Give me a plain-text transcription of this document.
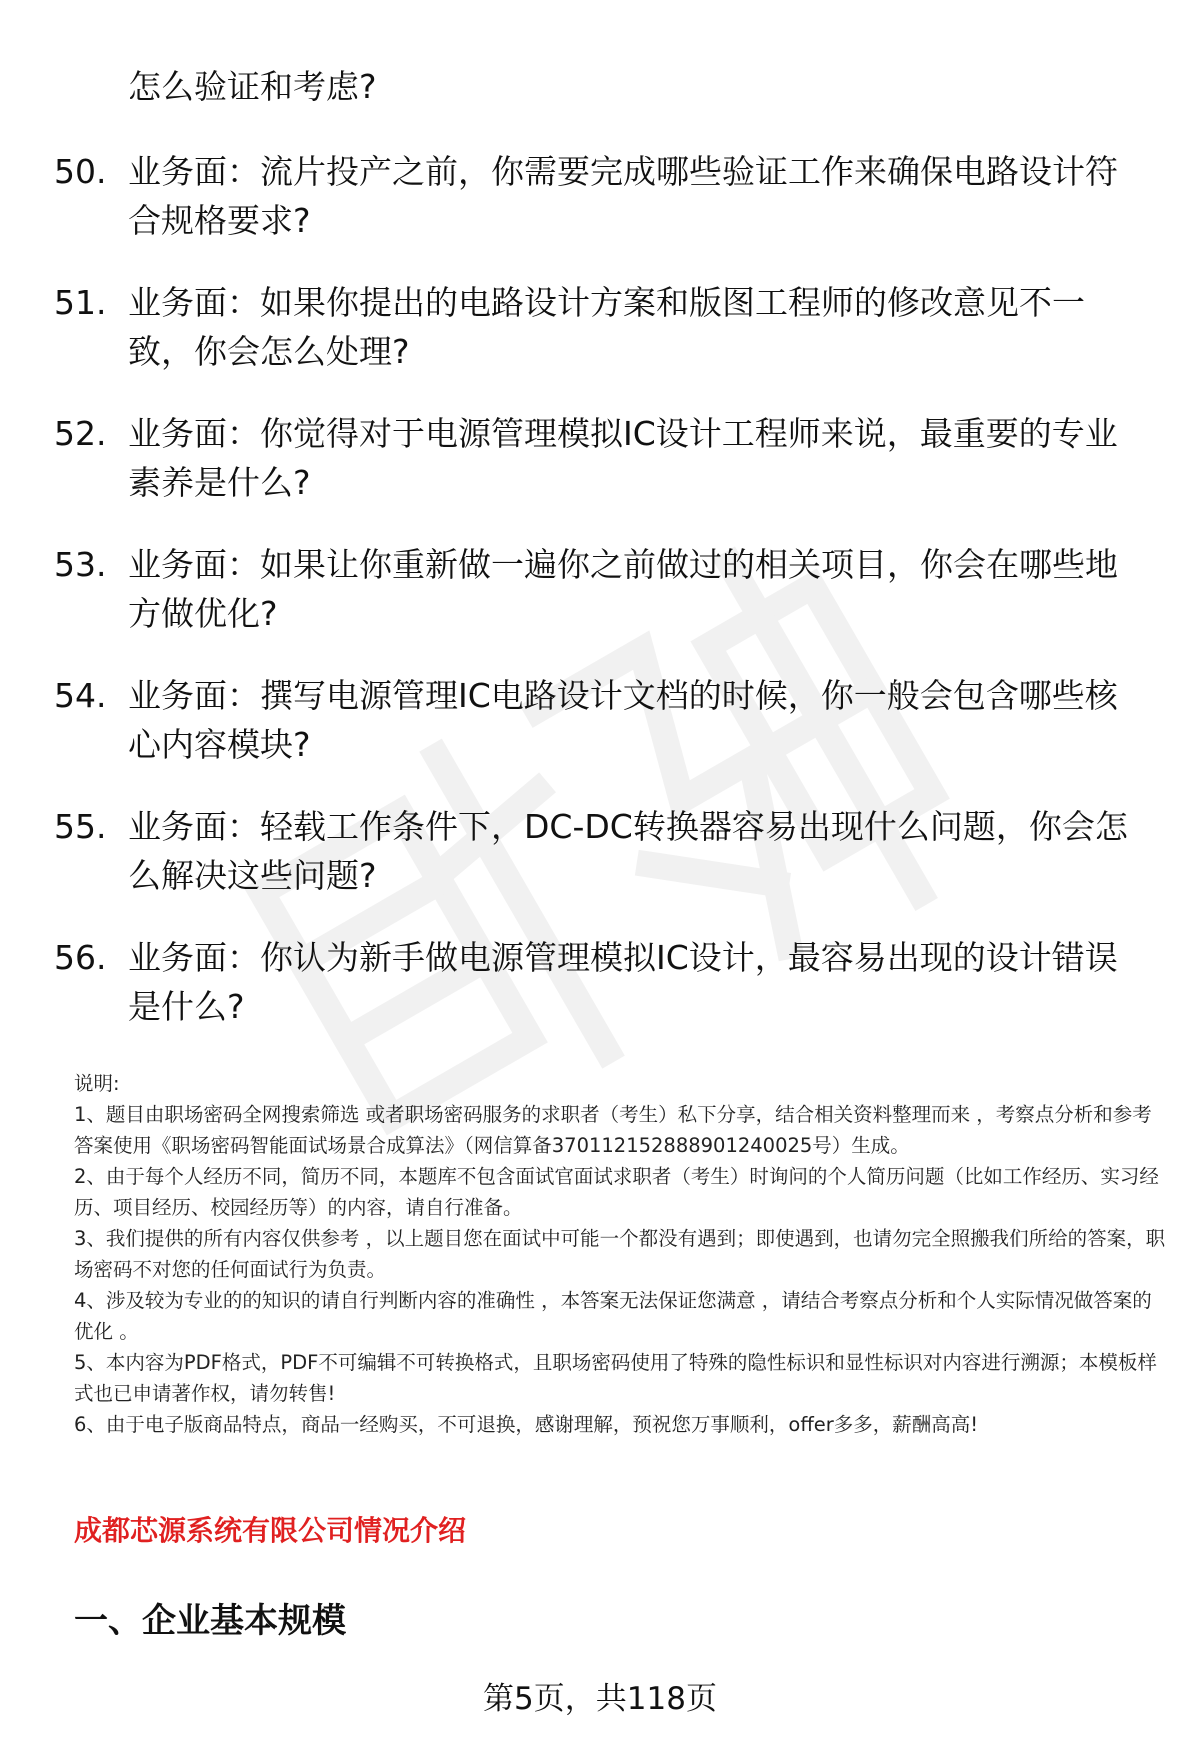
怎么验证和考虑?
50. 业务面：流片投产之前，你需要完成哪些验证工作来确保电路设计符合规格要求?
51. 业务面：如果你提出的电路设计方案和版图工程师的修改意见不一致，你会怎么处理?
52. 业务面：你觉得对于电源管理模拟IC设计工程师来说，最重要的专业素养是什么?
53. 业务面：如果让你重新做一遍你之前做过的相关项目，你会在哪些地方做优化?
54. 业务面：撰写电源管理IC电路设计文档的时候，你一般会包含哪些核心内容模块?
55. 业务面：轻载工作条件下，DC-DC转换器容易出现什么问题，你会怎么解决这些问题?
56. 业务面：你认为新手做电源管理模拟IC设计，最容易出现的设计错误是什么?

说明:

1、题目由职场密码全网搜索筛选 或者职场密码服务的求职者（考生）私下分享，结合相关资料整理而来 ，考察点分析和参考答案使用《职场密码智能面试场景合成算法》（网信算备370112152888901240025号）生成。

2、由于每个人经历不同，简历不同，本题库不包含面试官面试求职者（考生）时询问的个人简历问题（比如工作经历、实习经历、项目经历、校园经历等）的内容，请自行准备。

3、我们提供的所有内容仅供参考 ，以上题目您在面试中可能一个都没有遇到；即使遇到，也请勿完全照搬我们所给的答案，职场密码不对您的任何面试行为负责。

4、涉及较为专业的的知识的请自行判断内容的准确性 ，本答案无法保证您满意 ，请结合考察点分析和个人实际情况做答案的优化 。

5、本内容为PDF格式，PDF不可编辑不可转换格式，且职场密码使用了特殊的隐性标识和显性标识对内容进行溯源；本模板样式也已申请著作权，请勿转售!

6、由于电子版商品特点，商品一经购买，不可退换，感谢理解，预祝您万事顺利，offer多多，薪酬高高!

成都芯源系统有限公司情况介绍
一、企业基本规模
第5页，共118页
